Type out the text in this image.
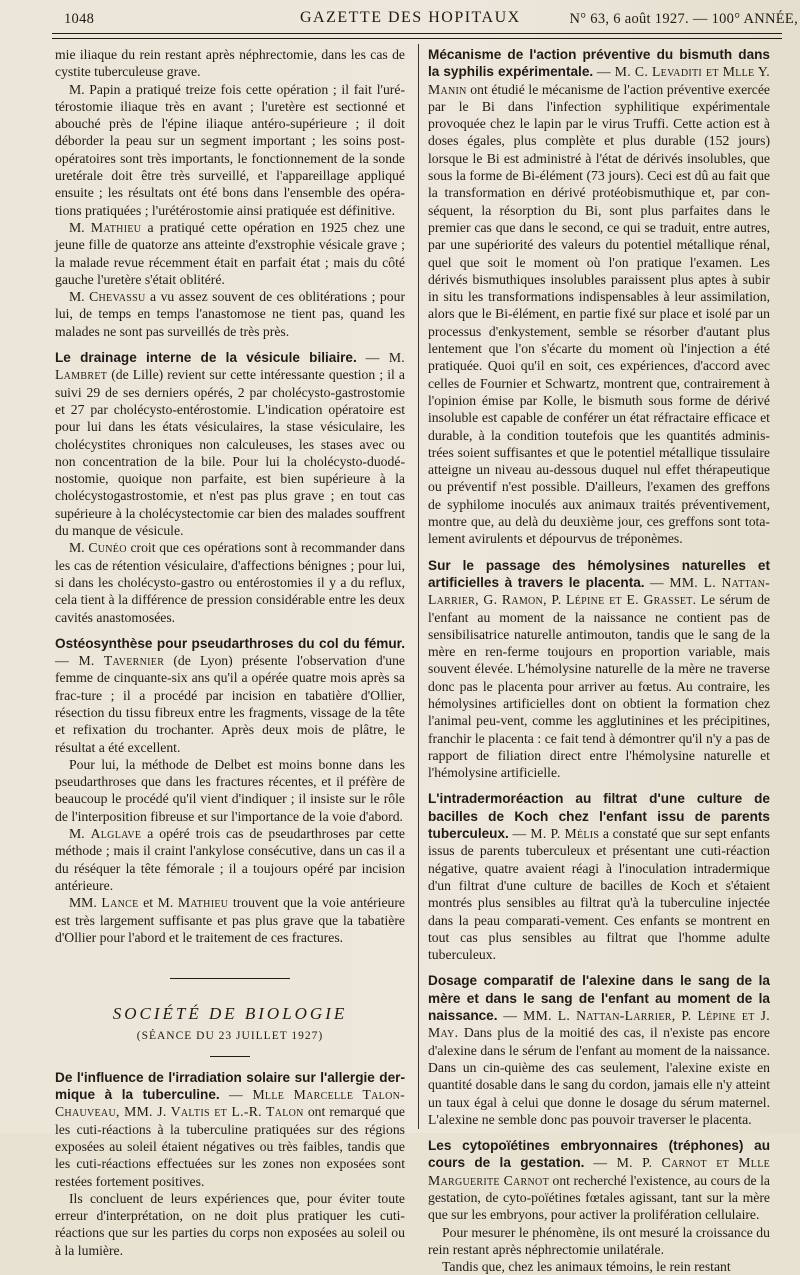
1048	GAZETTE DES HOPITAUX	N° 63, 6 août 1927. — 100° ANNÉE,

mie iliaque du rein restant après néphrectomie, dans les cas de cystite tuberculeuse grave.

M. Papin a pratiqué treize fois cette opération ; il fait l'uré-térostomie iliaque très en avant ; l'uretère est sectionné et abouché près de l'épine iliaque antéro-supérieure ; il doit déborder la peau sur un segment important ; les soins post-opératoires sont très importants, le fonctionnement de la sonde uretérale doit être très surveillé, et l'appareillage appliqué ensuite ; les résultats ont été bons dans l'ensemble des opéra-tions pratiquées ; l'urétérostomie ainsi pratiquée est définitive.

M. Mathieu a pratiqué cette opération en 1925 chez une jeune fille de quatorze ans atteinte d'exstrophie vésicale grave ; la malade revue récemment était en parfait état ; mais du côté gauche l'uretère s'était oblitéré.

M. Chevassu a vu assez souvent de ces oblitérations ; pour lui, de temps en temps l'anastomose ne tient pas, quand les malades ne sont pas surveillés de très près.

Le drainage interne de la vésicule biliaire. — M. Lambret (de Lille) revient sur cette intéressante question ; il a suivi 29 de ses derniers opérés, 2 par cholécysto-gastrostomie et 27 par cholécysto-entérostomie. L'indication opératoire est pour lui dans les états vésiculaires, la stase vésiculaire, les cholécystites chroniques non calculeuses, les stases avec ou non concentration de la bile. Pour lui la cholécysto-duodé-nostomie, quoique non parfaite, est bien supérieure à la cholécystogastrostomie, et n'est pas plus grave ; en tout cas supérieure à la cholécystectomie car bien des malades souffrent du manque de vésicule.

M. Cunéo croit que ces opérations sont à recommander dans les cas de rétention vésiculaire, d'affections bénignes ; pour lui, si dans les cholécysto-gastro ou entérostomies il y a du reflux, cela tient à la différence de pression considérable entre les deux cavités anastomosées.

Ostéosynthèse pour pseudarthroses du col du fémur. — M. Tavernier (de Lyon) présente l'observation d'une femme de cinquante-six ans qu'il a opérée quatre mois après sa frac-ture ; il a procédé par incision en tabatière d'Ollier, résection du tissu fibreux entre les fragments, vissage de la tête et refixation du trochanter. Après deux mois de plâtre, le résultat a été excellent.

Pour lui, la méthode de Delbet est moins bonne dans les pseudarthroses que dans les fractures récentes, et il préfère de beaucoup le procédé qu'il vient d'indiquer ; il insiste sur le rôle de l'interposition fibreuse et sur l'importance de la voie d'abord.

M. Alglave a opéré trois cas de pseudarthroses par cette méthode ; mais il craint l'ankylose consécutive, dans un cas il a du réséquer la tête fémorale ; il a toujours opéré par incision antérieure.

MM. Lance et M. Mathieu trouvent que la voie antérieure est très largement suffisante et pas plus grave que la tabatière d'Ollier pour l'abord et le traitement de ces fractures.

SOCIÉTÉ DE BIOLOGIE
(SÉANCE DU 23 JUILLET 1927)

De l'influence de l'irradiation solaire sur l'allergie der-mique à la tuberculine. — Mlle Marcelle Talon-Chauveau, MM. J. Valtis et L.-R. Talon ont remarqué que les cuti-réactions à la tuberculine pratiquées sur des régions exposées au soleil étaient négatives ou très faibles, tandis que les cuti-réactions effectuées sur les zones non exposées sont restées fortement positives.

Ils concluent de leurs expériences que, pour éviter toute erreur d'interprétation, on ne doit plus pratiquer les cuti-réactions que sur les parties du corps non exposées au soleil ou à la lumière.

Mécanisme de l'action préventive du bismuth dans la syphilis expérimentale. — M. C. Levaditi et Mlle Y. Manin ont étudié le mécanisme de l'action préventive exercée par le Bi dans l'infection syphilitique expérimentale provoquée chez le lapin par le virus Truffi. Cette action est à doses égales, plus complète et plus durable (152 jours) lorsque le Bi est administré à l'état de dérivés insolubles, que sous la forme de Bi-élément (73 jours). Ceci est dû au fait que la transformation en dérivé protéobismuthique et, par con-séquent, la résorption du Bi, sont plus parfaites dans le premier cas que dans le second, ce qui se traduit, entre autres, par une supériorité des valeurs du potentiel métallique rénal, quel que soit le moment où l'on pratique l'examen. Les dérivés bismuthiques insolubles paraissent plus aptes à subir in situ les transformations indispensables à leur assimilation, alors que le Bi-élément, en partie fixé sur place et isolé par un processus d'enkystement, semble se résorber d'autant plus lentement que l'on s'écarte du moment où l'injection a été pratiquée. Quoi qu'il en soit, ces expériences, d'accord avec celles de Fournier et Schwartz, montrent que, contrairement à l'opinion émise par Kolle, le bismuth sous forme de dérivé insoluble est capable de conférer un état réfractaire efficace et durable, à la condition toutefois que les quantités adminis-trées soient suffisantes et que le potentiel métallique tissulaire atteigne un niveau au-dessous duquel nul effet thérapeutique ou préventif n'est possible. D'ailleurs, l'examen des greffons de syphilome inoculés aux animaux traités préventivement, montre que, au delà du deuxième jour, ces greffons sont tota-lement avirulents et dépourvus de tréponèmes.

Sur le passage des hémolysines naturelles et artificielles à travers le placenta. — MM. L. Nattan-Larrier, G. Ramon, P. Lépine et E. Grasset. Le sérum de l'enfant au moment de la naissance ne contient pas de sensibilisatrice naturelle antimouton, tandis que le sang de la mère en ren-ferme toujours en proportion variable, mais souvent élevée. L'hémolysine naturelle de la mère ne traverse donc pas le placenta pour arriver au fœtus. Au contraire, les hémolysines artificielles dont on obtient la formation chez l'animal peu-vent, comme les agglutinines et les précipitines, franchir le placenta : ce fait tend à démontrer qu'il n'y a pas de rapport de filiation direct entre l'hémolysine naturelle et l'hémolysine artificielle.

L'intradermoréaction au filtrat d'une culture de bacilles de Koch chez l'enfant issu de parents tuberculeux. — M. P. Mélis a constaté que sur sept enfants issus de parents tuberculeux et présentant une cuti-réaction négative, quatre avaient réagi à l'inoculation intradermique d'un filtrat d'une culture de bacilles de Koch et s'étaient montrés plus sensibles au filtrat qu'à la tuberculine injectée dans la peau comparati-vement. Ces enfants se montrent en tout cas plus sensibles au filtrat que l'homme adulte tuberculeux.

Dosage comparatif de l'alexine dans le sang de la mère et dans le sang de l'enfant au moment de la naissance. — MM. L. Nattan-Larrier, P. Lépine et J. May. Dans plus de la moitié des cas, il n'existe pas encore d'alexine dans le sérum de l'enfant au moment de la naissance. Dans un cin-quième des cas seulement, l'alexine existe en quantité dosable dans le sang du cordon, jamais elle n'y atteint un taux égal à celui que donne le dosage du sérum maternel. L'alexine ne semble donc pas pouvoir traverser le placenta.

Les cytopoïétines embryonnaires (tréphones) au cours de la gestation. — M. P. Carnot et Mlle Marguerite Carnot ont recherché l'existence, au cours de la gestation, de cyto-poïétines fœtales agissant, tant sur la mère que sur les embryons, pour activer la prolifération cellulaire.

Pour mesurer le phénomène, ils ont mesuré la croissance du rein restant après néphrectomie unilatérale.

Tandis que, chez les animaux témoins, le rein restant
